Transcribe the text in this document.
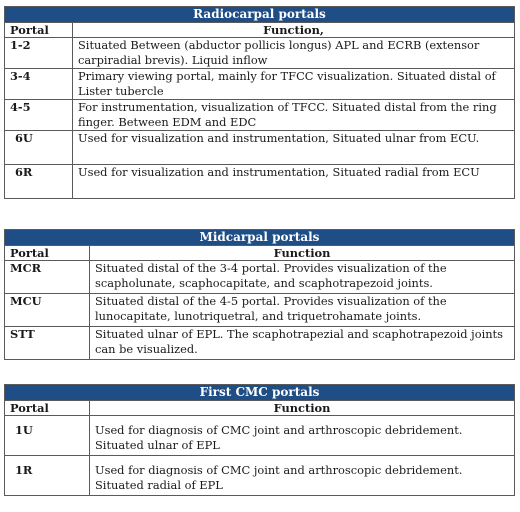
Radiocarpal portals	
Portal	Function,
1-2	Situated Between (abductor pollicis longus) APL and ECRB (extensor carpiradial brevis). Liquid inflow
3-4	Primary viewing portal, mainly for TFCC visualization. Situated distal of Lister tubercle
4-5	For instrumentation, visualization of TFCC. Situated distal from the ring finger. Between EDM and EDC
6U	Used for visualization and instrumentation, Situated ulnar from ECU.
6R	Used for visualization and instrumentation, Situated radial from ECU
Midcarpal portals	
Portal	Function
MCR	Situated distal of the 3-4 portal. Provides visualization of the scapholunate, scaphocapitate, and scaphotrapezoid joints.
MCU	Situated distal of the 4-5 portal. Provides visualization of the lunocapitate, lunotriquetral, and triquetrohamate joints.
STT	Situated ulnar of EPL. The scaphotrapezial and scaphotrapezoid joints can be visualized.
First CMC portals	
Portal	Function
1U	Used for diagnosis of CMC joint and arthroscopic debridement. Situated ulnar of EPL
1R	Used for diagnosis of CMC joint and arthroscopic debridement. Situated radial of EPL
